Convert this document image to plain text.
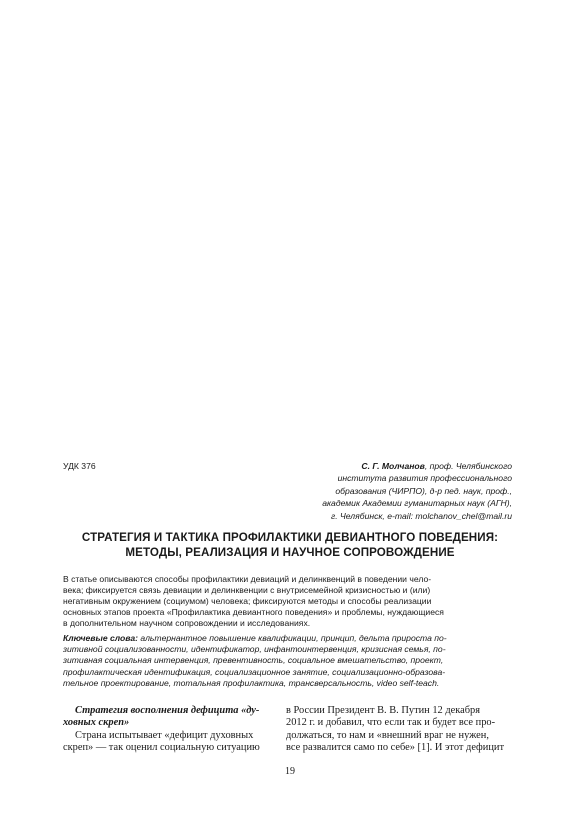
УДК 376	С. Г. Молчанов, проф. Челябинского
института развития профессионального
образования (ЧИРПО), д-р пед. наук, проф.,
академик Академии гуманитарных наук (АГН),
г. Челябинск, e-mail: molchanov_chel@mail.ru
СТРАТЕГИЯ И ТАКТИКА ПРОФИЛАКТИКИ ДЕВИАНТНОГО ПОВЕДЕНИЯ:
МЕТОДЫ, РЕАЛИЗАЦИЯ И НАУЧНОЕ СОПРОВОЖДЕНИЕ
В статье описываются способы профилактики девиаций и делинквенций в поведении чело-
века; фиксируется связь девиации и делинквенции с внутрисемейной кризисностью и (или)
негативным окружением (социумом) человека; фиксируются методы и способы реализации
основных этапов проекта «Профилактика девиантного поведения» и проблемы, нуждающиеся
в дополнительном научном сопровождении и исследованиях.
Ключевые слова: альтернантное повышение квалификации, принцип, дельта прироста по-
зитивной социализованности, идентификатор, инфантоинтервенция, кризисная семья, по-
зитивная социальная интервенция, превентивность, социальное вмешательство, проект,
профилактическая идентификация, социализационное занятие, социализационно-образова-
тельное проектирование, тотальная профилактика, трансверсальность, video self-teach.
Стратегия восполнения дефицита «ду-
ховных скреп»
Страна испытывает «дефицит духовных
скреп» — так оценил социальную ситуацию
в России Президент В. В. Путин 12 декабря
2012 г. и добавил, что если так и будет все про-
должаться, то нам и «внешний враг не нужен,
все развалится само по себе» [1]. И этот дефицит
19
